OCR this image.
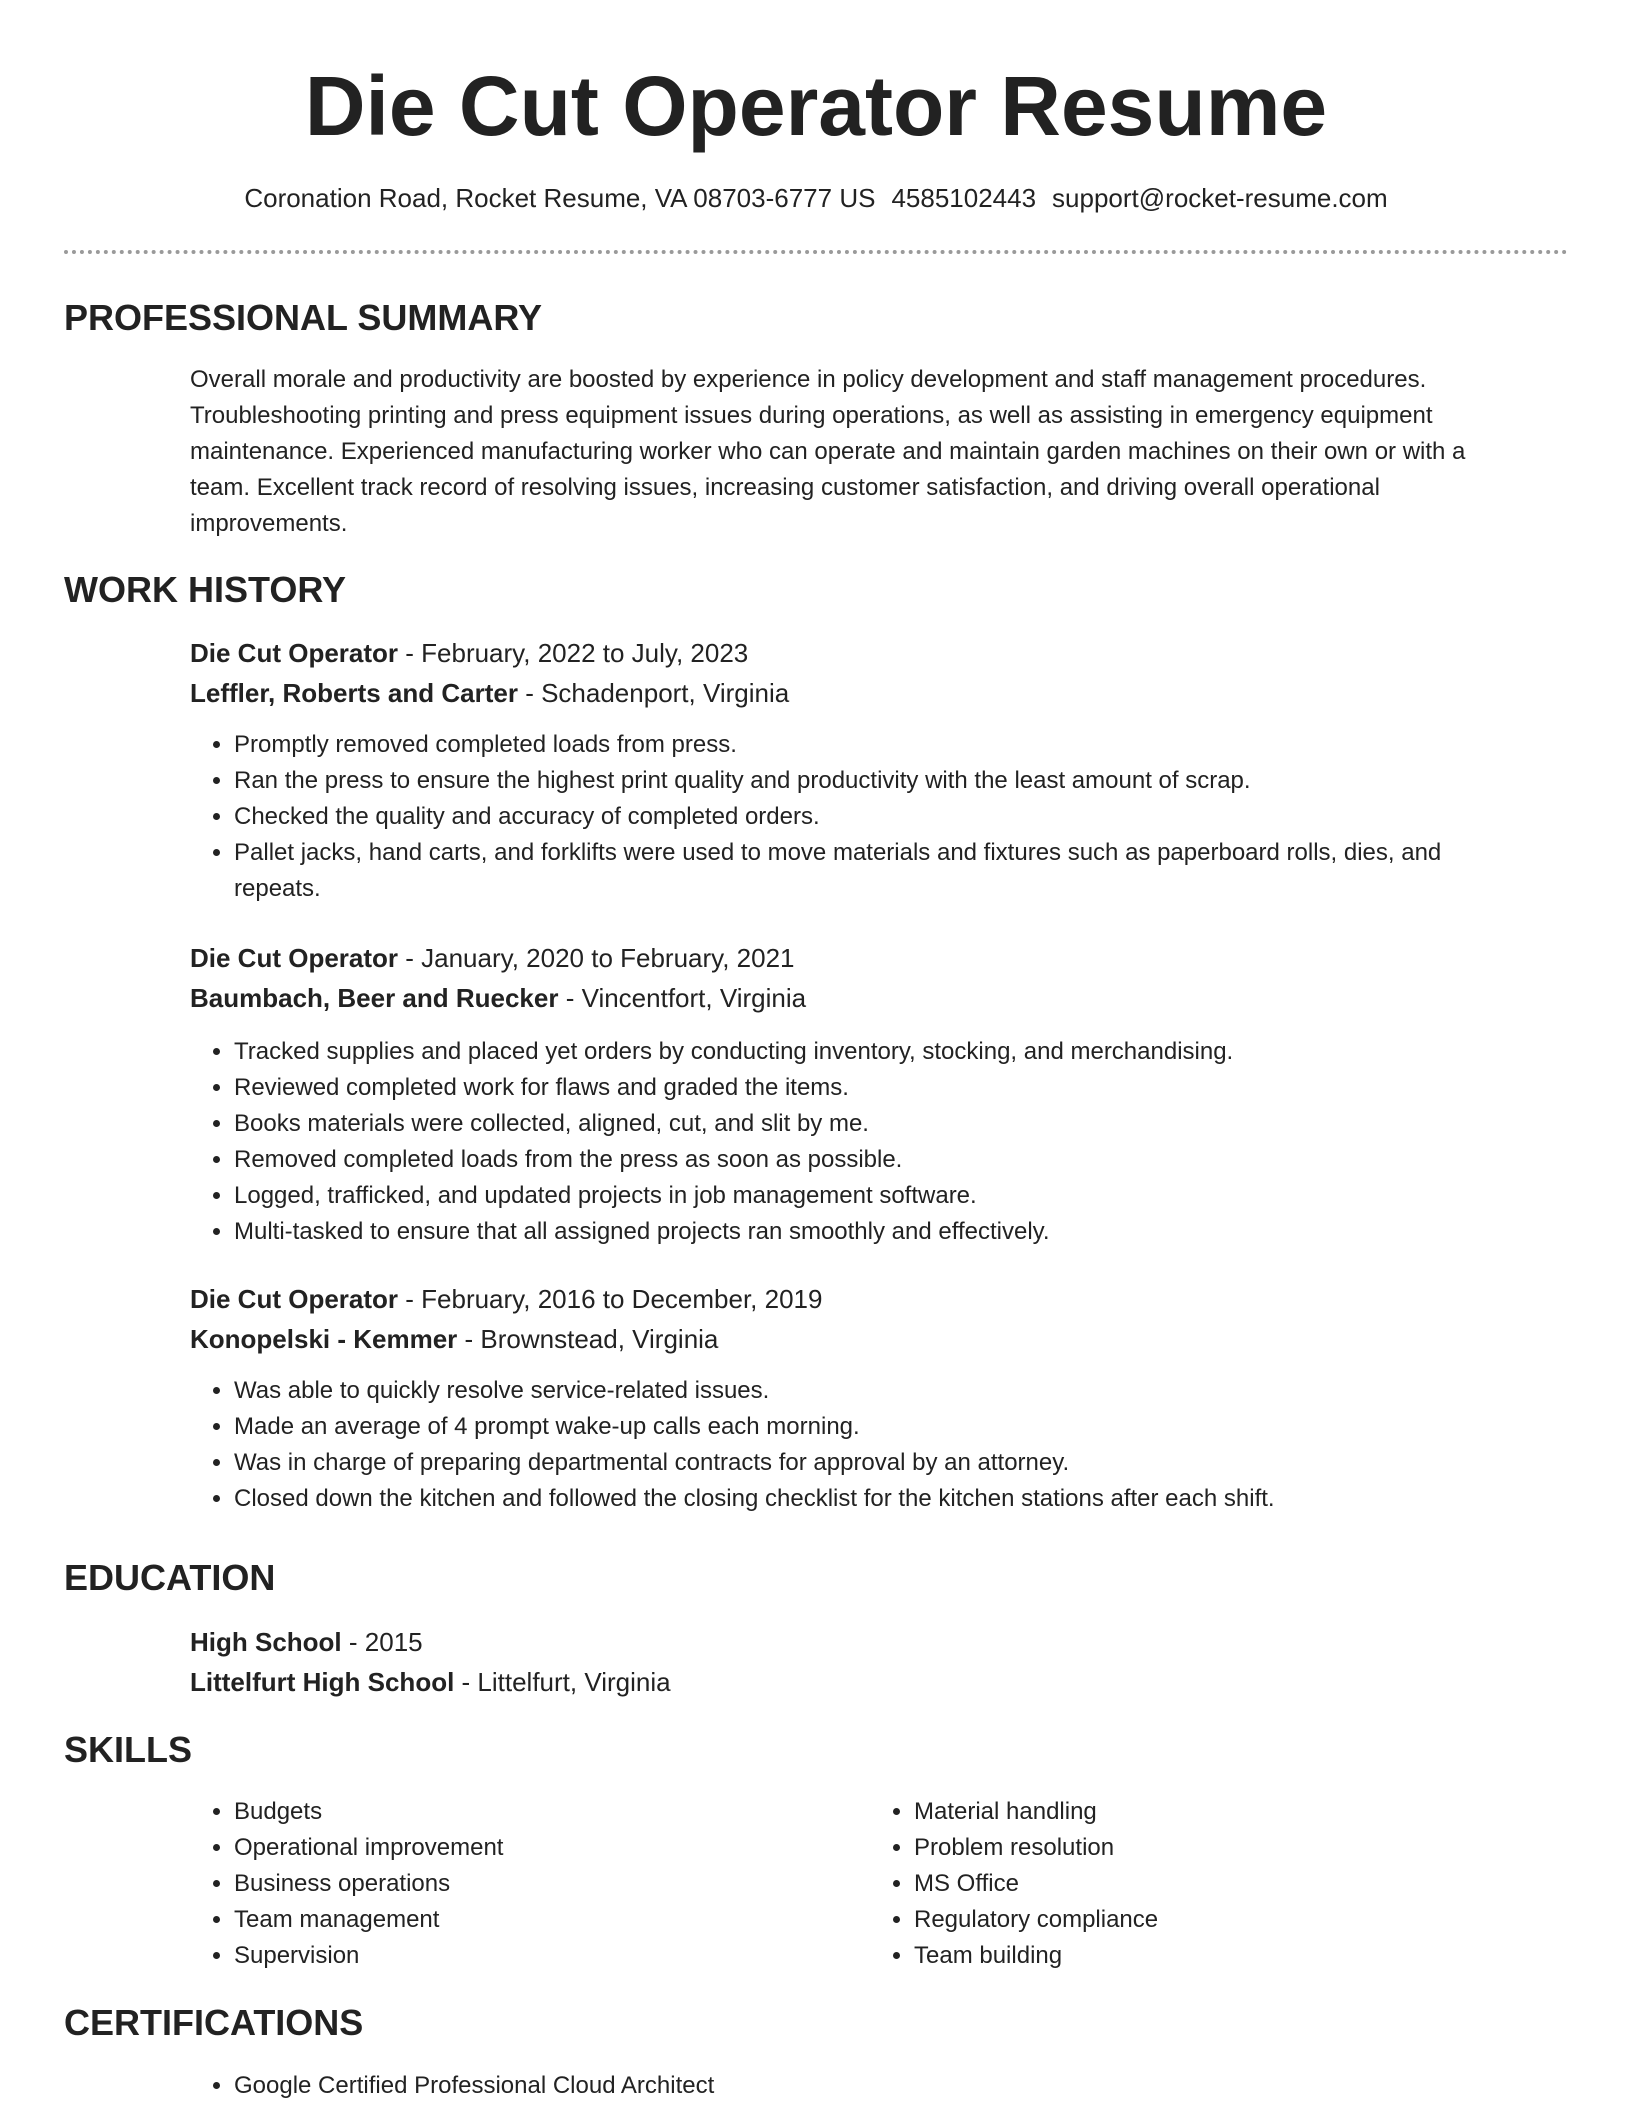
Die Cut Operator Resume
Coronation Road, Rocket Resume, VA 08703-6777 US 4585102443 support@rocket-resume.com
PROFESSIONAL SUMMARY

Overall morale and productivity are boosted by experience in policy development and staff management procedures. Troubleshooting printing and press equipment issues during operations, as well as assisting in emergency equipment maintenance. Experienced manufacturing worker who can operate and maintain garden machines on their own or with a team. Excellent track record of resolving issues, increasing customer satisfaction, and driving overall operational improvements.

WORK HISTORY

Die Cut Operator - February, 2022 to July, 2023

Leffler, Roberts and Carter - Schadenport, Virginia

• Promptly removed completed loads from press.
• Ran the press to ensure the highest print quality and productivity with the least amount of scrap.
• Checked the quality and accuracy of completed orders.
• Pallet jacks, hand carts, and forklifts were used to move materials and fixtures such as paperboard rolls, dies, and repeats.

Die Cut Operator - January, 2020 to February, 2021

Baumbach, Beer and Ruecker - Vincentfort, Virginia

• Tracked supplies and placed yet orders by conducting inventory, stocking, and merchandising.
• Reviewed completed work for flaws and graded the items.
• Books materials were collected, aligned, cut, and slit by me.
• Removed completed loads from the press as soon as possible.
• Logged, trafficked, and updated projects in job management software.
• Multi-tasked to ensure that all assigned projects ran smoothly and effectively.

Die Cut Operator - February, 2016 to December, 2019

Konopelski - Kemmer - Brownstead, Virginia

• Was able to quickly resolve service-related issues.
• Made an average of 4 prompt wake-up calls each morning.
• Was in charge of preparing departmental contracts for approval by an attorney.
• Closed down the kitchen and followed the closing checklist for the kitchen stations after each shift.
EDUCATION

High School - 2015

Littelfurt High School - Littelfurt, Virginia

SKILLS
• Budgets
• Operational improvement
• Business operations
• Team management
• Supervision
• Material handling
• Problem resolution
• MS Office
• Regulatory compliance
• Team building
CERTIFICATIONS
• Google Certified Professional Cloud Architect
